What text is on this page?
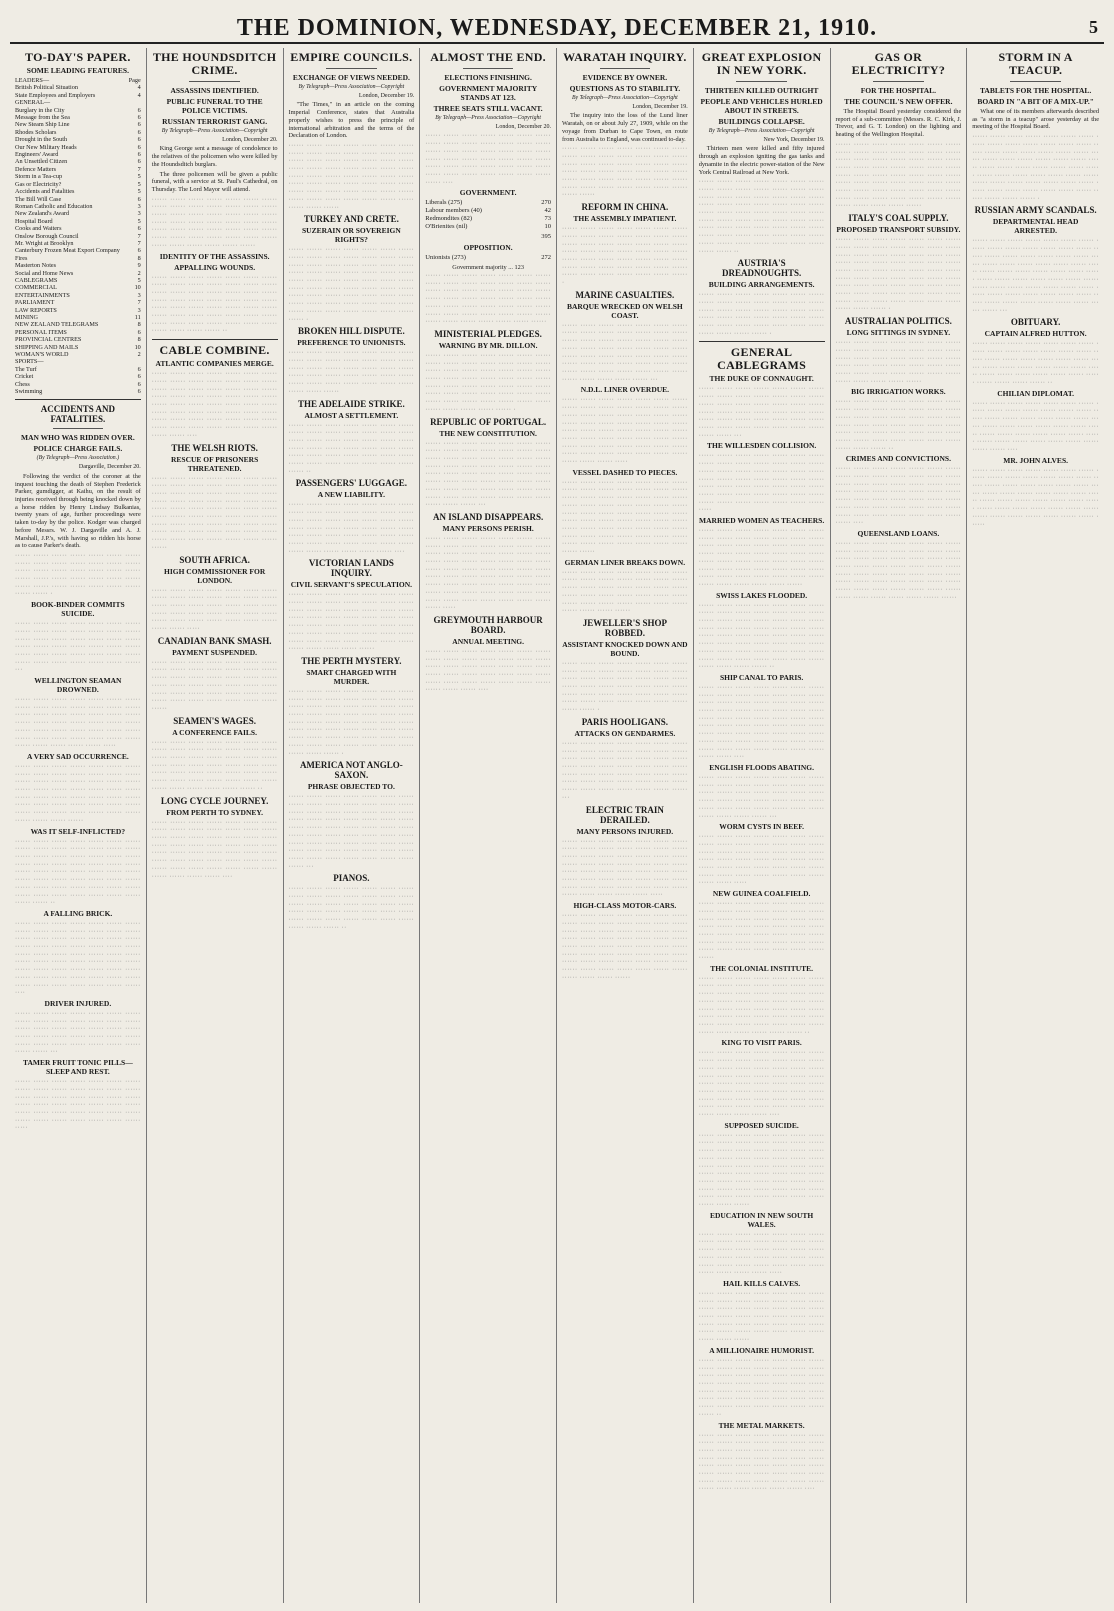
THE DOMINION, WEDNESDAY, DECEMBER 21, 1910.	5
TO-DAY'S PAPER.
SOME LEADING FEATURES.
LEADERS—	Page
British Political Situation	4
State Employees and Employers	4
GENERAL—
Burglary in the City	6
Message from the Sea	6
New Steam Ship Line	6
Rhodes Scholars	6
Drought in the South	6
Our New Military Heads	6
Engineers' Award	6
An Unsettled Citizen	6
Defence Matters	7
Storm in a Tea-cup	5
Gas or Electricity?	5
Accidents and Fatalities	5
The Bill Will Case	6
Roman Catholic and Education	3
New Zealand's Award	3
Hospital Board	5
Cooks and Waiters	6
Onslow Borough Council	7
Mr. Wright at Brooklyn	7
Canterbury Frozen Meat Export Company	6
Fires	8
Masterton Notes	9
Social and Home News	2
CABLEGRAMS	5
COMMERCIAL	10
ENTERTAINMENTS	3
PARLIAMENT	7
LAW REPORTS	3
MINING	11
NEW ZEALAND TELEGRAMS	8
PERSONAL ITEMS	6
PROVINCIAL CENTRES	8
SHIPPING AND MAILS	10
WOMAN'S WORLD	2
SPORTS—
The Turf	6
Cricket	6
Chess	6
Swimming	6
ACCIDENTS AND FATALITIES.
MAN WHO WAS RIDDEN OVER.
POLICE CHARGE FAILS.
(By Telegraph—Press Association.)
Dargaville, December 20.

Following the verdict of the coroner at the inquest touching the death of Stephen Frederick Parker, gumdigger, at Kaihu, on the result of injuries received through being knocked down by a horse ridden by Henry Lindsay Bulkanias, twenty years of age, further proceedings were taken to-day by the police. Kodger was charged before Messrs. W. J. Dargaville and A. J. Marshall, J.P.'s, with having so ridden his horse as to cause Parker's death.

······ ······ ······ ······ ······ ······ ······ ······ ······ ······ ······ ······ ······ ······ ······ ······ ······ ······ ······ ······ ······ ······ ······ ······ ······ ······ ······ ······ ······ ······ ······ ······ ······ ······ ······ ······ ······ ·
BOOK-BINDER COMMITS SUICIDE.
······ ······ ······ ······ ······ ······ ······ ······ ······ ······ ······ ······ ······ ······ ······ ······ ······ ······ ······ ······ ······ ······ ······ ······ ······ ······ ······ ······ ······ ······ ······ ······ ······ ······ ······ ······ ······ ······ ······ ······ ······ ······ ···
WELLINGTON SEAMAN DROWNED.
······ ······ ······ ······ ······ ······ ······ ······ ······ ······ ······ ······ ······ ······ ······ ······ ······ ······ ······ ······ ······ ······ ······ ······ ······ ······ ······ ······ ······ ······ ······ ······ ······ ······ ······ ······ ······ ······ ······ ······ ······ ······ ······ ······ ······ ······ ······ ·····
A VERY SAD OCCURRENCE.
······ ······ ······ ······ ······ ······ ······ ······ ······ ······ ······ ······ ······ ······ ······ ······ ······ ······ ······ ······ ······ ······ ······ ······ ······ ······ ······ ······ ······ ······ ······ ······ ······ ······ ······ ······ ······ ······ ······ ······ ······ ······ ······ ······ ······ ······ ······ ······ ······ ······ ······ ······ ······
WAS IT SELF-INFLICTED?
······ ······ ······ ······ ······ ······ ······ ······ ······ ······ ······ ······ ······ ······ ······ ······ ······ ······ ······ ······ ······ ······ ······ ······ ······ ······ ······ ······ ······ ······ ······ ······ ······ ······ ······ ······ ······ ······ ······ ······ ······ ······ ······ ······ ······ ······ ······ ······ ······ ······ ······ ······ ······ ······ ······ ······ ······ ······ ··
A FALLING BRICK.
······ ······ ······ ······ ······ ······ ······ ······ ······ ······ ······ ······ ······ ······ ······ ······ ······ ······ ······ ······ ······ ······ ······ ······ ······ ······ ······ ······ ······ ······ ······ ······ ······ ······ ······ ······ ······ ······ ······ ······ ······ ······ ······ ······ ······ ······ ······ ······ ······ ······ ······ ······ ······ ······ ······ ······ ······ ······ ······ ······ ······ ······ ······ ····
DRIVER INJURED.
······ ······ ······ ······ ······ ······ ······ ······ ······ ······ ······ ······ ······ ······ ······ ······ ······ ······ ······ ······ ······ ······ ······ ······ ······ ······ ······ ······ ······ ······ ······ ······ ······ ······ ······ ······ ······ ···
TAMER FRUIT TONIC PILLS—SLEEP AND REST.
······ ······ ······ ······ ······ ······ ······ ······ ······ ······ ······ ······ ······ ······ ······ ······ ······ ······ ······ ······ ······ ······ ······ ······ ······ ······ ······ ······ ······ ······ ······ ······ ······ ······ ······ ······ ······ ······ ······ ······ ······ ······ ·····
THE HOUNDSDITCH CRIME.
ASSASSINS IDENTIFIED.
PUBLIC FUNERAL TO THE POLICE VICTIMS.
RUSSIAN TERRORIST GANG.
By Telegraph—Press Association—Copyright
London, December 20.

King George sent a message of condolence to the relatives of the policemen who were killed by the Houndsditch burglars.

The three policemen will be given a public funeral, with a service at St. Paul's Cathedral, on Thursday. The Lord Mayor will attend.

······ ······ ······ ······ ······ ······ ······ ······ ······ ······ ······ ······ ······ ······ ······ ······ ······ ······ ······ ······ ······ ······ ······ ······ ······ ······ ······ ······ ······ ······ ······ ······ ······ ······ ······ ······ ······ ······ ······ ······ ······ ······ ······ ······ ······ ······ ······ ······
IDENTITY OF THE ASSASSINS.
APPALLING WOUNDS.
······ ······ ······ ······ ······ ······ ······ ······ ······ ······ ······ ······ ······ ······ ······ ······ ······ ······ ······ ······ ······ ······ ······ ······ ······ ······ ······ ······ ······ ······ ······ ······ ······ ······ ······ ······ ······ ······ ······ ······ ······ ······ ······ ······ ······ ······ ······ ······ ······ ······ ······ ······ ······ ··
CABLE COMBINE.
ATLANTIC COMPANIES MERGE.
······ ······ ······ ······ ······ ······ ······ ······ ······ ······ ······ ······ ······ ······ ······ ······ ······ ······ ······ ······ ······ ······ ······ ······ ······ ······ ······ ······ ······ ······ ······ ······ ······ ······ ······ ······ ······ ······ ······ ······ ······ ······ ······ ······ ······ ······ ······ ······ ······ ······ ······ ······ ······ ······ ······ ······ ······ ······ ····
THE WELSH RIOTS.
RESCUE OF PRISONERS THREATENED.
······ ······ ······ ······ ······ ······ ······ ······ ······ ······ ······ ······ ······ ······ ······ ······ ······ ······ ······ ······ ······ ······ ······ ······ ······ ······ ······ ······ ······ ······ ······ ······ ······ ······ ······ ······ ······ ······ ······ ······ ······ ······ ······ ······ ······ ······ ······ ······ ······ ······ ······ ······ ······ ······ ······ ······ ······ ······ ······ ······ ······ ······ ······ ······
SOUTH AFRICA.
HIGH COMMISSIONER FOR LONDON.
······ ······ ······ ······ ······ ······ ······ ······ ······ ······ ······ ······ ······ ······ ······ ······ ······ ······ ······ ······ ······ ······ ······ ······ ······ ······ ······ ······ ······ ······ ······ ······ ······ ······ ······ ······ ······ ·····
CANADIAN BANK SMASH.
PAYMENT SUSPENDED.
······ ······ ······ ······ ······ ······ ······ ······ ······ ······ ······ ······ ······ ······ ······ ······ ······ ······ ······ ······ ······ ······ ······ ······ ······ ······ ······ ······ ······ ······ ······ ······ ······ ······ ······ ······ ······ ······ ······ ······ ······ ······ ······
SEAMEN'S WAGES.
A CONFERENCE FAILS.
······ ······ ······ ······ ······ ······ ······ ······ ······ ······ ······ ······ ······ ······ ······ ······ ······ ······ ······ ······ ······ ······ ······ ······ ······ ······ ······ ······ ······ ······ ······ ······ ······ ······ ······ ······ ······ ······ ······ ······ ······ ······ ······ ······ ······ ······ ······ ······ ··
LONG CYCLE JOURNEY.
FROM PERTH TO SYDNEY.
······ ······ ······ ······ ······ ······ ······ ······ ······ ······ ······ ······ ······ ······ ······ ······ ······ ······ ······ ······ ······ ······ ······ ······ ······ ······ ······ ······ ······ ······ ······ ······ ······ ······ ······ ······ ······ ······ ······ ······ ······ ······ ······ ······ ······ ······ ······ ······ ······ ······ ······ ······ ······ ····
EMPIRE COUNCILS.
EXCHANGE OF VIEWS NEEDED.
By Telegraph—Press Association—Copyright
London, December 19.

"The Times," in an article on the coming Imperial Conference, states that Australia properly wishes to press the principle of international arbitration and the terms of the Declaration of London.

······ ······ ······ ······ ······ ······ ······ ······ ······ ······ ······ ······ ······ ······ ······ ······ ······ ······ ······ ······ ······ ······ ······ ······ ······ ······ ······ ······ ······ ······ ······ ······ ······ ······ ······ ······ ······ ······ ······ ······ ······ ······ ······ ······ ······ ······ ······ ······ ······ ······ ······ ······ ······ ······ ······ ······ ······ ······ ······
TURKEY AND CRETE.
SUZERAIN OR SOVEREIGN RIGHTS?
······ ······ ······ ······ ······ ······ ······ ······ ······ ······ ······ ······ ······ ······ ······ ······ ······ ······ ······ ······ ······ ······ ······ ······ ······ ······ ······ ······ ······ ······ ······ ······ ······ ······ ······ ······ ······ ······ ······ ······ ······ ······ ······ ······ ······ ······ ······ ······ ······ ······ ······ ······ ······ ······ ······ ······ ······ ······ ······ ······ ······ ······ ······ ······ ·
BROKEN HILL DISPUTE.
PREFERENCE TO UNIONISTS.
······ ······ ······ ······ ······ ······ ······ ······ ······ ······ ······ ······ ······ ······ ······ ······ ······ ······ ······ ······ ······ ······ ······ ······ ······ ······ ······ ······ ······ ······ ······ ······ ······ ······ ······ ······ ······ ······
THE ADELAIDE STRIKE.
ALMOST A SETTLEMENT.
······ ······ ······ ······ ······ ······ ······ ······ ······ ······ ······ ······ ······ ······ ······ ······ ······ ······ ······ ······ ······ ······ ······ ······ ······ ······ ······ ······ ······ ······ ······ ······ ······ ······ ······ ······ ······ ······ ······ ······ ······ ······ ······ ··
PASSENGERS' LUGGAGE.
A NEW LIABILITY.
······ ······ ······ ······ ······ ······ ······ ······ ······ ······ ······ ······ ······ ······ ······ ······ ······ ······ ······ ······ ······ ······ ······ ······ ······ ······ ······ ······ ······ ······ ······ ······ ······ ······ ······ ······ ······ ······ ······ ······ ······ ······ ······ ······ ······ ······ ······ ······ ····
VICTORIAN LANDS INQUIRY.
CIVIL SERVANT'S SPECULATION.
······ ······ ······ ······ ······ ······ ······ ······ ······ ······ ······ ······ ······ ······ ······ ······ ······ ······ ······ ······ ······ ······ ······ ······ ······ ······ ······ ······ ······ ······ ······ ······ ······ ······ ······ ······ ······ ······ ······ ······ ······ ······ ······ ······ ······ ······ ······ ······ ······ ······ ······ ······ ······ ······
THE PERTH MYSTERY.
SMART CHARGED WITH MURDER.
······ ······ ······ ······ ······ ······ ······ ······ ······ ······ ······ ······ ······ ······ ······ ······ ······ ······ ······ ······ ······ ······ ······ ······ ······ ······ ······ ······ ······ ······ ······ ······ ······ ······ ······ ······ ······ ······ ······ ······ ······ ······ ······ ······ ······ ······ ······ ······ ······ ······ ······ ······ ······ ······ ······ ······ ······ ······ ······ ·
AMERICA NOT ANGLO-SAXON.
PHRASE OBJECTED TO.
······ ······ ······ ······ ······ ······ ······ ······ ······ ······ ······ ······ ······ ······ ······ ······ ······ ······ ······ ······ ······ ······ ······ ······ ······ ······ ······ ······ ······ ······ ······ ······ ······ ······ ······ ······ ······ ······ ······ ······ ······ ······ ······ ······ ······ ······ ······ ······ ······ ······ ······ ······ ······ ······ ······ ······ ······ ······ ······ ······ ······ ······ ······ ······ ···
PIANOS.
······ ······ ······ ······ ······ ······ ······ ······ ······ ······ ······ ······ ······ ······ ······ ······ ······ ······ ······ ······ ······ ······ ······ ······ ······ ······ ······ ······ ······ ······ ······ ······ ······ ······ ······ ······ ······ ······ ··
ALMOST THE END.
ELECTIONS FINISHING.
GOVERNMENT MAJORITY STANDS AT 123.
THREE SEATS STILL VACANT.
By Telegraph—Press Association—Copyright
London, December 20.
······ ······ ······ ······ ······ ······ ······ ······ ······ ······ ······ ······ ······ ······ ······ ······ ······ ······ ······ ······ ······ ······ ······ ······ ······ ······ ······ ······ ······ ······ ······ ······ ······ ······ ······ ······ ······ ······ ······ ······ ······ ······ ······ ····
GOVERNMENT.
Liberals (275)	270
Labour members (40)	42
Redmondites (82)	73
O'Brienites (nil)	10
395
OPPOSITION.
Unionists (273)	272
Government majority ... 123
······ ······ ······ ······ ······ ······ ······ ······ ······ ······ ······ ······ ······ ······ ······ ······ ······ ······ ······ ······ ······ ······ ······ ······ ······ ······ ······ ······ ······ ······ ······ ······ ······ ······ ······ ······ ······ ······ ······ ······ ······ ······ ······ ······ ······ ······ ······ ······ ······
MINISTERIAL PLEDGES.
WARNING BY MR. DILLON.
······ ······ ······ ······ ······ ······ ······ ······ ······ ······ ······ ······ ······ ······ ······ ······ ······ ······ ······ ······ ······ ······ ······ ······ ······ ······ ······ ······ ······ ······ ······ ······ ······ ······ ······ ······ ······ ······ ······ ······ ······ ······ ······ ······ ······ ······ ······ ······ ······ ······ ······ ······ ······ ······ ·
REPUBLIC OF PORTUGAL.
THE NEW CONSTITUTION.
······ ······ ······ ······ ······ ······ ······ ······ ······ ······ ······ ······ ······ ······ ······ ······ ······ ······ ······ ······ ······ ······ ······ ······ ······ ······ ······ ······ ······ ······ ······ ······ ······ ······ ······ ······ ······ ······ ······ ······ ······ ······ ······ ······ ······ ······ ······ ······ ······ ······ ······ ······ ······ ······ ······ ······ ······ ······ ······ ···
AN ISLAND DISAPPEARS.
MANY PERSONS PERISH.
······ ······ ······ ······ ······ ······ ······ ······ ······ ······ ······ ······ ······ ······ ······ ······ ······ ······ ······ ······ ······ ······ ······ ······ ······ ······ ······ ······ ······ ······ ······ ······ ······ ······ ······ ······ ······ ······ ······ ······ ······ ······ ······ ······ ······ ······ ······ ······ ······ ······ ······ ······ ······ ······ ······ ······ ······ ······ ······ ······ ······ ······ ······ ······ ·····
GREYMOUTH HARBOUR BOARD.
ANNUAL MEETING.
······ ······ ······ ······ ······ ······ ······ ······ ······ ······ ······ ······ ······ ······ ······ ······ ······ ······ ······ ······ ······ ······ ······ ······ ······ ······ ······ ······ ······ ······ ······ ······ ······ ······ ······ ······ ······ ······ ····
WARATAH INQUIRY.
EVIDENCE BY OWNER.
QUESTIONS AS TO STABILITY.
By Telegraph—Press Association—Copyright
London, December 19.

The inquiry into the loss of the Lund liner Waratah, on or about July 27, 1909, while on the voyage from Durban to Cape Town, en route from Australia to England, was continued to-day.

······ ······ ······ ······ ······ ······ ······ ······ ······ ······ ······ ······ ······ ······ ······ ······ ······ ······ ······ ······ ······ ······ ······ ······ ······ ······ ······ ······ ······ ······ ······ ······ ······ ······ ······ ······ ······ ······ ······ ······ ······ ······ ······ ······
REFORM IN CHINA.
THE ASSEMBLY IMPATIENT.
······ ······ ······ ······ ······ ······ ······ ······ ······ ······ ······ ······ ······ ······ ······ ······ ······ ······ ······ ······ ······ ······ ······ ······ ······ ······ ······ ······ ······ ······ ······ ······ ······ ······ ······ ······ ······ ······ ······ ······ ······ ······ ······ ······ ······ ······ ······ ······ ······ ·
MARINE CASUALTIES.
BARQUE WRECKED ON WELSH COAST.
······ ······ ······ ······ ······ ······ ······ ······ ······ ······ ······ ······ ······ ······ ······ ······ ······ ······ ······ ······ ······ ······ ······ ······ ······ ······ ······ ······ ······ ······ ······ ······ ······ ······ ······ ······ ······ ······ ······ ······ ······ ······ ······ ······ ······ ······ ······ ······ ······ ······ ······ ······ ······ ······ ···
N.D.L. LINER OVERDUE.
······ ······ ······ ······ ······ ······ ······ ······ ······ ······ ······ ······ ······ ······ ······ ······ ······ ······ ······ ······ ······ ······ ······ ······ ······ ······ ······ ······ ······ ······ ······ ······ ······ ······ ······ ······ ······ ······ ······ ······ ······ ······ ······ ······ ······ ······ ······ ······ ······ ······ ······ ······ ······ ······ ······ ······ ······ ······ ······ ·····
VESSEL DASHED TO PIECES.
······ ······ ······ ······ ······ ······ ······ ······ ······ ······ ······ ······ ······ ······ ······ ······ ······ ······ ······ ······ ······ ······ ······ ······ ······ ······ ······ ······ ······ ······ ······ ······ ······ ······ ······ ······ ······ ······ ······ ······ ······ ······ ······ ······ ······ ······ ······ ······ ······ ······ ······ ······ ······ ······ ······ ······ ······ ······ ······ ······ ······ ······ ······ ······ ······
GERMAN LINER BREAKS DOWN.
······ ······ ······ ······ ······ ······ ······ ······ ······ ······ ······ ······ ······ ······ ······ ······ ······ ······ ······ ······ ······ ······ ······ ······ ······ ······ ······ ······ ······ ······ ······ ······ ······ ······ ······ ······ ······ ······ ······
JEWELLER'S SHOP ROBBED.
ASSISTANT KNOCKED DOWN AND BOUND.
······ ······ ······ ······ ······ ······ ······ ······ ······ ······ ······ ······ ······ ······ ······ ······ ······ ······ ······ ······ ······ ······ ······ ······ ······ ······ ······ ······ ······ ······ ······ ······ ······ ······ ······ ······ ······ ······ ······ ······ ······ ······ ······ ······ ·
PARIS HOOLIGANS.
ATTACKS ON GENDARMES.
······ ······ ······ ······ ······ ······ ······ ······ ······ ······ ······ ······ ······ ······ ······ ······ ······ ······ ······ ······ ······ ······ ······ ······ ······ ······ ······ ······ ······ ······ ······ ······ ······ ······ ······ ······ ······ ······ ······ ······ ······ ······ ······ ······ ······ ······ ······ ······ ······ ···
ELECTRIC TRAIN DERAILED.
MANY PERSONS INJURED.
······ ······ ······ ······ ······ ······ ······ ······ ······ ······ ······ ······ ······ ······ ······ ······ ······ ······ ······ ······ ······ ······ ······ ······ ······ ······ ······ ······ ······ ······ ······ ······ ······ ······ ······ ······ ······ ······ ······ ······ ······ ······ ······ ······ ······ ······ ······ ······ ······ ······ ······ ······ ······ ······ ·····
HIGH-CLASS MOTOR-CARS.
······ ······ ······ ······ ······ ······ ······ ······ ······ ······ ······ ······ ······ ······ ······ ······ ······ ······ ······ ······ ······ ······ ······ ······ ······ ······ ······ ······ ······ ······ ······ ······ ······ ······ ······ ······ ······ ······ ······ ······ ······ ······ ······ ······ ······ ······ ······ ······ ······ ······ ······ ······ ······ ······ ······ ······ ······ ······ ······ ······
GREAT EXPLOSION IN NEW YORK.
THIRTEEN KILLED OUTRIGHT
PEOPLE AND VEHICLES HURLED ABOUT IN STREETS.
BUILDINGS COLLAPSE.
By Telegraph—Press Association—Copyright
New York, December 19.

Thirteen men were killed and fifty injured through an explosion igniting the gas tanks and dynamite in the electric power-station of the New York Central Railroad at New York.

······ ······ ······ ······ ······ ······ ······ ······ ······ ······ ······ ······ ······ ······ ······ ······ ······ ······ ······ ······ ······ ······ ······ ······ ······ ······ ······ ······ ······ ······ ······ ······ ······ ······ ······ ······ ······ ······ ······ ······ ······ ······ ······ ······ ······ ······ ······ ······ ······ ······ ······ ······ ······ ······ ······ ······ ······ ······ ······ ······ ······ ······ ······ ······ ······ ··
AUSTRIA'S DREADNOUGHTS.
BUILDING ARRANGEMENTS.
······ ······ ······ ······ ······ ······ ······ ······ ······ ······ ······ ······ ······ ······ ······ ······ ······ ······ ······ ······ ······ ······ ······ ······ ······ ······ ······ ······ ······ ······ ······ ······ ······ ······ ······ ······ ······ ······ ······ ·
GENERAL CABLEGRAMS
THE DUKE OF CONNAUGHT.
······ ······ ······ ······ ······ ······ ······ ······ ······ ······ ······ ······ ······ ······ ······ ······ ······ ······ ······ ······ ······ ······ ······ ······ ······ ······ ······ ······ ······ ······ ······ ······ ······ ······ ······ ······ ······ ······ ······ ······ ······ ······ ······ ······ ···
THE WILLESDEN COLLISION.
······ ······ ······ ······ ······ ······ ······ ······ ······ ······ ······ ······ ······ ······ ······ ······ ······ ······ ······ ······ ······ ······ ······ ······ ······ ······ ······ ······ ······ ······ ······ ······ ······ ······ ······ ······ ······ ······ ······ ······ ······ ······ ······ ······ ······ ······ ······ ······ ······ ·····
MARRIED WOMEN AS TEACHERS.
······ ······ ······ ······ ······ ······ ······ ······ ······ ······ ······ ······ ······ ······ ······ ······ ······ ······ ······ ······ ······ ······ ······ ······ ······ ······ ······ ······ ······ ······ ······ ······ ······ ······ ······ ······ ······ ······ ······ ······ ······ ······ ······ ······ ······ ······ ······ ······ ······ ······ ······ ······ ······ ······ ······
SWISS LAKES FLOODED.
······ ······ ······ ······ ······ ······ ······ ······ ······ ······ ······ ······ ······ ······ ······ ······ ······ ······ ······ ······ ······ ······ ······ ······ ······ ······ ······ ······ ······ ······ ······ ······ ······ ······ ······ ······ ······ ······ ······ ······ ······ ······ ······ ······ ······ ······ ······ ······ ······ ······ ······ ······ ······ ······ ······ ······ ······ ······ ······ ······ ··
SHIP CANAL TO PARIS.
······ ······ ······ ······ ······ ······ ······ ······ ······ ······ ······ ······ ······ ······ ······ ······ ······ ······ ······ ······ ······ ······ ······ ······ ······ ······ ······ ······ ······ ······ ······ ······ ······ ······ ······ ······ ······ ······ ······ ······ ······ ······ ······ ······ ······ ······ ······ ······ ······ ······ ······ ······ ······ ······ ······ ······ ······ ······ ······ ······ ······ ······ ······ ······ ······ ····
ENGLISH FLOODS ABATING.
······ ······ ······ ······ ······ ······ ······ ······ ······ ······ ······ ······ ······ ······ ······ ······ ······ ······ ······ ······ ······ ······ ······ ······ ······ ······ ······ ······ ······ ······ ······ ······ ······ ······ ······ ······ ······ ······ ······ ···
WORM CYSTS IN BEEF.
······ ······ ······ ······ ······ ······ ······ ······ ······ ······ ······ ······ ······ ······ ······ ······ ······ ······ ······ ······ ······ ······ ······ ······ ······ ······ ······ ······ ······ ······ ······ ······ ······ ······ ······ ······ ······ ······ ······ ······ ······ ······ ······ ······ ·····
NEW GUINEA COALFIELD.
······ ······ ······ ······ ······ ······ ······ ······ ······ ······ ······ ······ ······ ······ ······ ······ ······ ······ ······ ······ ······ ······ ······ ······ ······ ······ ······ ······ ······ ······ ······ ······ ······ ······ ······ ······ ······ ······ ······ ······ ······ ······ ······ ······ ······ ······ ······ ······ ······ ······
THE COLONIAL INSTITUTE.
······ ······ ······ ······ ······ ······ ······ ······ ······ ······ ······ ······ ······ ······ ······ ······ ······ ······ ······ ······ ······ ······ ······ ······ ······ ······ ······ ······ ······ ······ ······ ······ ······ ······ ······ ······ ······ ······ ······ ······ ······ ······ ······ ······ ······ ······ ······ ······ ······ ······ ······ ······ ······ ······ ······ ··
KING TO VISIT PARIS.
······ ······ ······ ······ ······ ······ ······ ······ ······ ······ ······ ······ ······ ······ ······ ······ ······ ······ ······ ······ ······ ······ ······ ······ ······ ······ ······ ······ ······ ······ ······ ······ ······ ······ ······ ······ ······ ······ ······ ······ ······ ······ ······ ······ ······ ······ ······ ······ ······ ······ ······ ······ ······ ······ ······ ······ ······ ······ ······ ······ ····
SUPPOSED SUICIDE.
······ ······ ······ ······ ······ ······ ······ ······ ······ ······ ······ ······ ······ ······ ······ ······ ······ ······ ······ ······ ······ ······ ······ ······ ······ ······ ······ ······ ······ ······ ······ ······ ······ ······ ······ ······ ······ ······ ······ ······ ······ ······ ······ ······ ······ ······ ······ ······ ······ ······ ······ ······ ······ ······ ······ ······ ······ ······ ······ ······ ······ ······ ······ ······ ······ ······
EDUCATION IN NEW SOUTH WALES.
······ ······ ······ ······ ······ ······ ······ ······ ······ ······ ······ ······ ······ ······ ······ ······ ······ ······ ······ ······ ······ ······ ······ ······ ······ ······ ······ ······ ······ ······ ······ ······ ······ ······ ······ ······ ······ ······ ······ ·····
HAIL KILLS CALVES.
······ ······ ······ ······ ······ ······ ······ ······ ······ ······ ······ ······ ······ ······ ······ ······ ······ ······ ······ ······ ······ ······ ······ ······ ······ ······ ······ ······ ······ ······ ······ ······ ······ ······ ······ ······ ······ ······ ······ ······ ······ ······ ······ ······ ······
A MILLIONAIRE HUMORIST.
······ ······ ······ ······ ······ ······ ······ ······ ······ ······ ······ ······ ······ ······ ······ ······ ······ ······ ······ ······ ······ ······ ······ ······ ······ ······ ······ ······ ······ ······ ······ ······ ······ ······ ······ ······ ······ ······ ······ ······ ······ ······ ······ ······ ······ ······ ······ ······ ······ ······ ··
THE METAL MARKETS.
······ ······ ······ ······ ······ ······ ······ ······ ······ ······ ······ ······ ······ ······ ······ ······ ······ ······ ······ ······ ······ ······ ······ ······ ······ ······ ······ ······ ······ ······ ······ ······ ······ ······ ······ ······ ······ ······ ······ ······ ······ ······ ······ ······ ······ ······ ······ ······ ······ ······ ······ ······ ······ ······ ······ ····
GAS OR ELECTRICITY?
FOR THE HOSPITAL.
THE COUNCIL'S NEW OFFER.

The Hospital Board yesterday considered the report of a sub-committee (Messrs. R. C. Kirk, J. Trevor, and G. T. London) on the lighting and heating of the Wellington Hospital.

······ ······ ······ ······ ······ ······ ······ ······ ······ ······ ······ ······ ······ ······ ······ ······ ······ ······ ······ ······ ······ ······ ······ ······ ······ ······ ······ ······ ······ ······ ······ ······ ······ ······ ······ ······ ······ ······ ······ ······ ······ ······ ······ ······ ······ ······ ······ ······ ······ ······ ······ ······ ······ ······ ······ ······ ······ ······ ······ ······ ······
ITALY'S COAL SUPPLY.
PROPOSED TRANSPORT SUBSIDY.
······ ······ ······ ······ ······ ······ ······ ······ ······ ······ ······ ······ ······ ······ ······ ······ ······ ······ ······ ······ ······ ······ ······ ······ ······ ······ ······ ······ ······ ······ ······ ······ ······ ······ ······ ······ ······ ······ ······ ······ ······ ······ ······ ······ ······ ······ ······ ······ ······ ······ ······ ······ ······ ······ ······ ······ ······ ······ ······ ······ ······ ······ ······ ······ ······ ······ ·
AUSTRALIAN POLITICS.
LONG SITTINGS IN SYDNEY.
······ ······ ······ ······ ······ ······ ······ ······ ······ ······ ······ ······ ······ ······ ······ ······ ······ ······ ······ ······ ······ ······ ······ ······ ······ ······ ······ ······ ······ ······ ······ ······ ······ ······ ······ ······ ······ ······ ······ ······
BIG IRRIGATION WORKS.
······ ······ ······ ······ ······ ······ ······ ······ ······ ······ ······ ······ ······ ······ ······ ······ ······ ······ ······ ······ ······ ······ ······ ······ ······ ······ ······ ······ ······ ······ ······ ······ ······ ······ ······ ······ ······ ······ ······ ······ ······ ······ ······ ······ ······ ··
CRIMES AND CONVICTIONS.
······ ······ ······ ······ ······ ······ ······ ······ ······ ······ ······ ······ ······ ······ ······ ······ ······ ······ ······ ······ ······ ······ ······ ······ ······ ······ ······ ······ ······ ······ ······ ······ ······ ······ ······ ······ ······ ······ ······ ······ ······ ······ ······ ······ ······ ······ ······ ······ ······ ······ ····
QUEENSLAND LOANS.
······ ······ ······ ······ ······ ······ ······ ······ ······ ······ ······ ······ ······ ······ ······ ······ ······ ······ ······ ······ ······ ······ ······ ······ ······ ······ ······ ······ ······ ······ ······ ······ ······ ······ ······ ······ ······ ······ ······ ······ ······ ······ ······ ······ ······ ······ ······ ······ ······ ······ ······ ······ ······ ······ ······ ······
STORM IN A TEACUP.
TABLETS FOR THE HOSPITAL.
BOARD IN "A BIT OF A MIX-UP."

What one of its members afterwards described as "a storm in a teacup" arose yesterday at the meeting of the Hospital Board.

······ ······ ······ ······ ······ ······ ······ ······ ······ ······ ······ ······ ······ ······ ······ ······ ······ ······ ······ ······ ······ ······ ······ ······ ······ ······ ······ ······ ······ ······ ······ ······ ······ ······ ······ ······ ······ ······ ······ ······ ······ ······ ······ ······ ······ ······ ······ ······ ······ ······ ······ ······ ······ ······ ······ ······ ······ ······ ······ ······ ······ ·
RUSSIAN ARMY SCANDALS.
DEPARTMENTAL HEAD ARRESTED.
······ ······ ······ ······ ······ ······ ······ ······ ······ ······ ······ ······ ······ ······ ······ ······ ······ ······ ······ ······ ······ ······ ······ ······ ······ ······ ······ ······ ······ ······ ······ ······ ······ ······ ······ ······ ······ ······ ······ ······ ······ ······ ······ ······ ······ ······ ······ ······ ······ ······ ······ ······ ······ ······ ······ ······ ······ ······ ······ ······ ······ ······ ······ ······ ······ ······ ···
OBITUARY.
CAPTAIN ALFRED HUTTON.
······ ······ ······ ······ ······ ······ ······ ······ ······ ······ ······ ······ ······ ······ ······ ······ ······ ······ ······ ······ ······ ······ ······ ······ ······ ······ ······ ······ ······ ······ ······ ······ ······ ······ ······ ······ ······ ······ ······ ······ ··
CHILIAN DIPLOMAT.
······ ······ ······ ······ ······ ······ ······ ······ ······ ······ ······ ······ ······ ······ ······ ······ ······ ······ ······ ······ ······ ······ ······ ······ ······ ······ ······ ······ ······ ······ ······ ······ ······ ······ ······ ······ ······ ······ ······ ······ ······ ······ ······ ······ ······ ····
MR. JOHN ALVES.
······ ······ ······ ······ ······ ······ ······ ······ ······ ······ ······ ······ ······ ······ ······ ······ ······ ······ ······ ······ ······ ······ ······ ······ ······ ······ ······ ······ ······ ······ ······ ······ ······ ······ ······ ······ ······ ······ ······ ······ ······ ······ ······ ······ ······ ······ ······ ······ ······ ······ ······
